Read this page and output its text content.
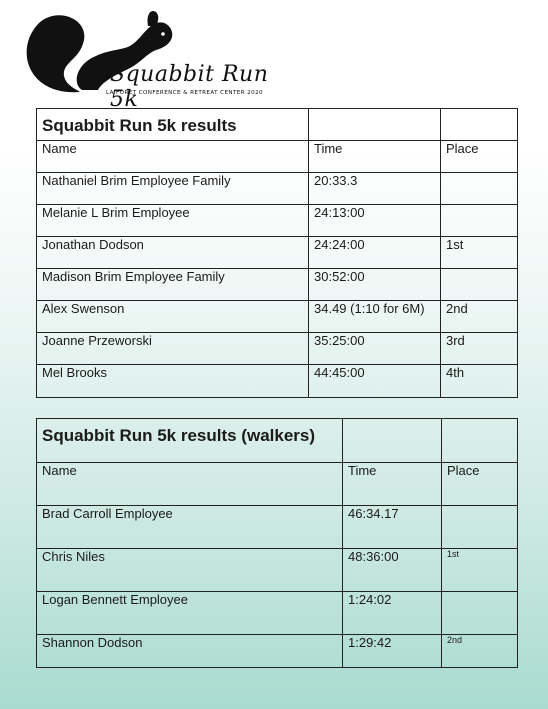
Squabbit Run 5k
LA FORET CONFERENCE & RETREAT CENTER 2020
Squabbit Run 5k results		
Name	Time	Place
Nathaniel Brim Employee Family	20:33.3	
Melanie L Brim Employee	24:13:00	
Jonathan Dodson	24:24:00	1st
Madison Brim Employee Family	30:52:00	
Alex Swenson	34.49 (1:10 for 6M)	2nd
Joanne Przeworski	35:25:00	3rd
Mel Brooks	44:45:00	4th
Squabbit Run 5k results (walkers)		
Name	Time	Place
Brad Carroll Employee	46:34.17	
Chris Niles	48:36:00	1st
Logan Bennett Employee	1:24:02	
Shannon Dodson	1:29:42	2nd
